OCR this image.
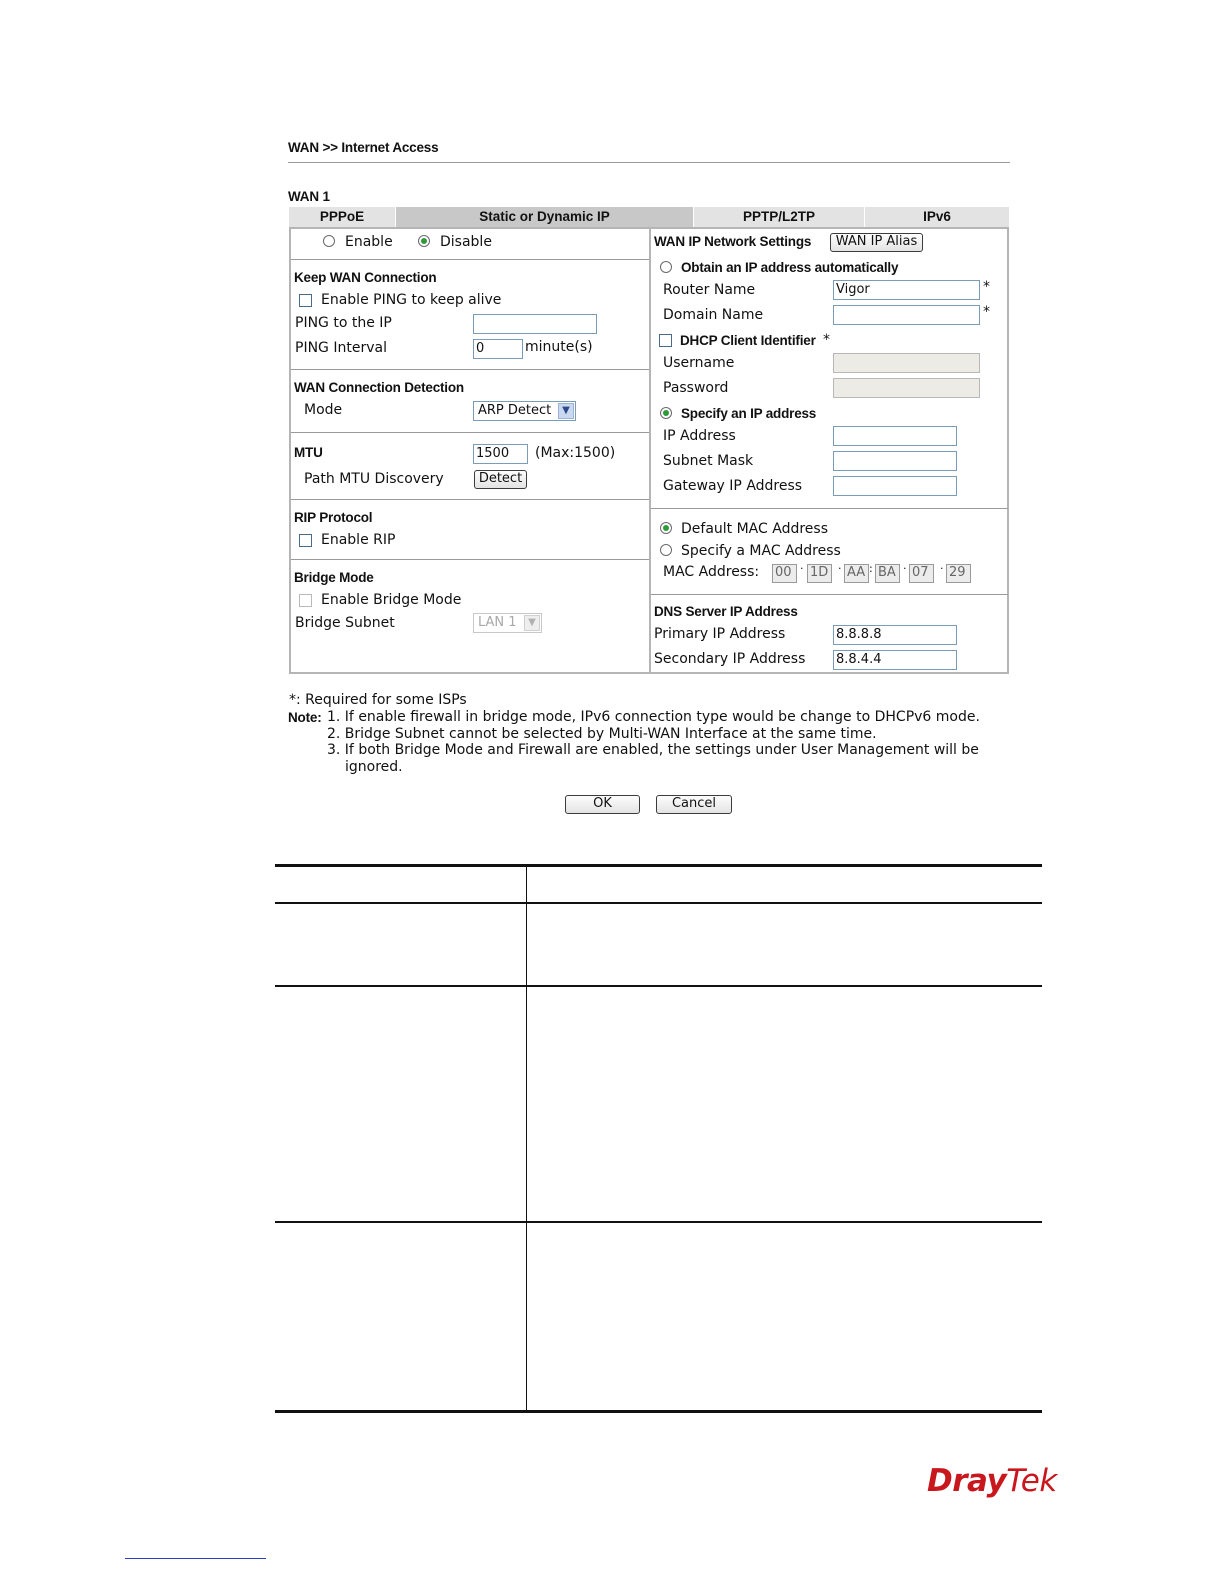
WAN >> Internet Access
WAN 1
PPPoE	Static or Dynamic IP	PPTP/L2TP	IPv6
Enable	Disable
Keep WAN Connection
Enable PING to keep alive
PING to the IP
PING Interval	0	minute(s)
WAN Connection Detection
Mode	ARP Detect	▼
MTU	1500	(Max:1500)
Path MTU Discovery	Detect
RIP Protocol
Enable RIP
Bridge Mode
Enable Bridge Mode
Bridge Subnet	LAN 1	▼
WAN IP Network Settings	WAN IP Alias
Obtain an IP address automatically
Router Name	Vigor	*
Domain Name	*
DHCP Client Identifier *
Username
Password
Specify an IP address
IP Address
Subnet Mask
Gateway IP Address
Default MAC Address
Specify a MAC Address
MAC Address: 00 · 1D · AA : BA · 07	· 29
DNS Server IP Address
Primary IP Address	8.8.8.8
Secondary IP Address 8.8.4.4
*: Required for some ISPs
Note: 1. If enable firewall in bridge mode, IPv6 connection type would be change to DHCPv6 mode.
2. Bridge Subnet cannot be selected by Multi-WAN Interface at the same time.
3. If both Bridge Mode and Firewall are enabled, the settings under User Management will be
ignored.
OK	Cancel
DrayTek
